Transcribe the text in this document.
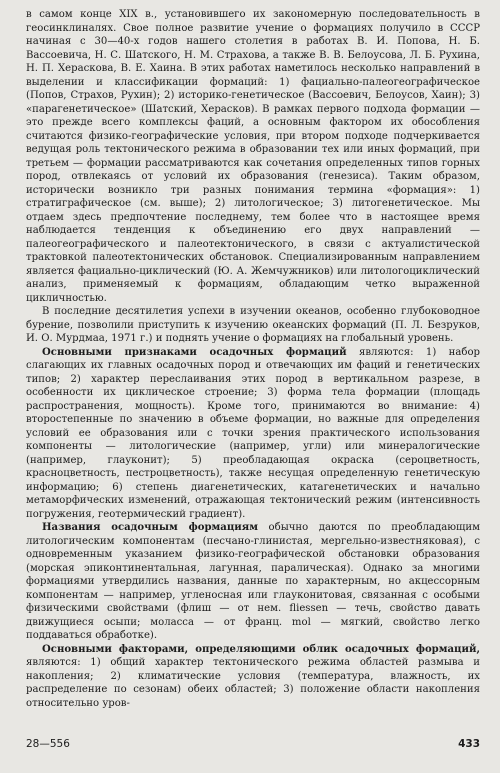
в самом конце XIX в., установившего их закономерную последовательность в геосинклиналях. Свое полное развитие учение о формациях получило в СССР начиная с 30—40-х годов нашего столетия в работах В. И. Попова, Н. Б. Вассоевича, Н. С. Шатского, Н. М. Страхова, а также В. В. Белоусова, Л. Б. Рухина, Н. П. Херaскова, В. Е. Хаина. В этих работах наметилось несколько направлений в выделении и классификации формаций: 1) фациально-палеогеографическое (Попов, Страхов, Рухин); 2) историко-генетическое (Вассоевич, Белоусов, Хаин); 3) «парагенетическое» (Шатский, Херасков). В рамках первого подхода формации — это прежде всего комплексы фаций, а основным фактором их обособления считаются физико-географические условия, при втором подходе подчеркивается ведущая роль тектонического режима в образовании тех или иных формаций, при третьем — формации рассматриваются как сочетания определенных типов горных пород, отвлекаясь от условий их образования (генезиса). Таким образом, исторически возникло три разных понимания термина «формация»: 1) стратигрaфическое (см. выше); 2) литологическое; 3) литогенетическое. Мы отдаем здесь предпочтение последнему, тем более что в настоящее время наблюдается тенденция к объединению его двух направлений — палеогеографического и палеотектонического, в связи с актуалистической трактовкой палеотектонических обстановок. Специализированным направлением является фациально-циклический (Ю. А. Жемчужников) или литологоциклический анализ, применяемый к формациям, обладающим четко выраженной цикличностью.

В последние десятилетия успехи в изучении океанов, особенно глубоководное бурение, позволили приступить к изучению океанских формаций (П. Л. Безруков, И. О. Мурдмаа, 1971 г.) и поднять учение о формациях на глобальный уровень.

Основными признаками осадочных формаций являются: 1) набор слагающих их главных осадочных пород и отвечающих им фаций и генетических типов; 2) характер переслаивания этих пород в вертикальном разрезе, в особенности их циклическое строение; 3) форма тела формации (площадь распространения, мощность). Кроме того, принимаются во внимание: 4) второстепенные по значению в объеме формации, но важные для определения условий ее образования или с точки зрения практического использования компоненты — литологические (например, угли) или минералогические (например, глауконит); 5) преобладающая окраска (сероцветность, красноцветность, пестроцветность), также несущая определенную генетическую информацию; 6) степень диагенетических, катагенетических и начально метаморфических изменений, отражающая тектонический режим (интенсивность погружения, геотермический градиент).

Названия осадочным формациям обычно даются по преобладающим литологическим компонентам (песчано-глинистая, мергельно-известняковая), с одновременным указанием физико-географической обстановки образования (морская эпиконтинентальная, лагунная, паралическая). Однако за многими формациями утвердились названия, данные по характерным, но акцессорным компонентам — например, угленосная или глауконитовая, связанная с особыми физическими свойствами (флиш — от нем. fliessen — течь, свойство давать движущиеся осыпи; моласса — от франц. mol — мягкий, свойство легко поддаваться обработке).

Основными факторами, определяющими облик осадочных формаций, являются: 1) общий характер тектонического режима областей размыва и накопления; 2) климатические условия (температура, влажность, их распределение по сезонам) обеих областей; 3) положение области накопления относительно уров-

28—556	433
